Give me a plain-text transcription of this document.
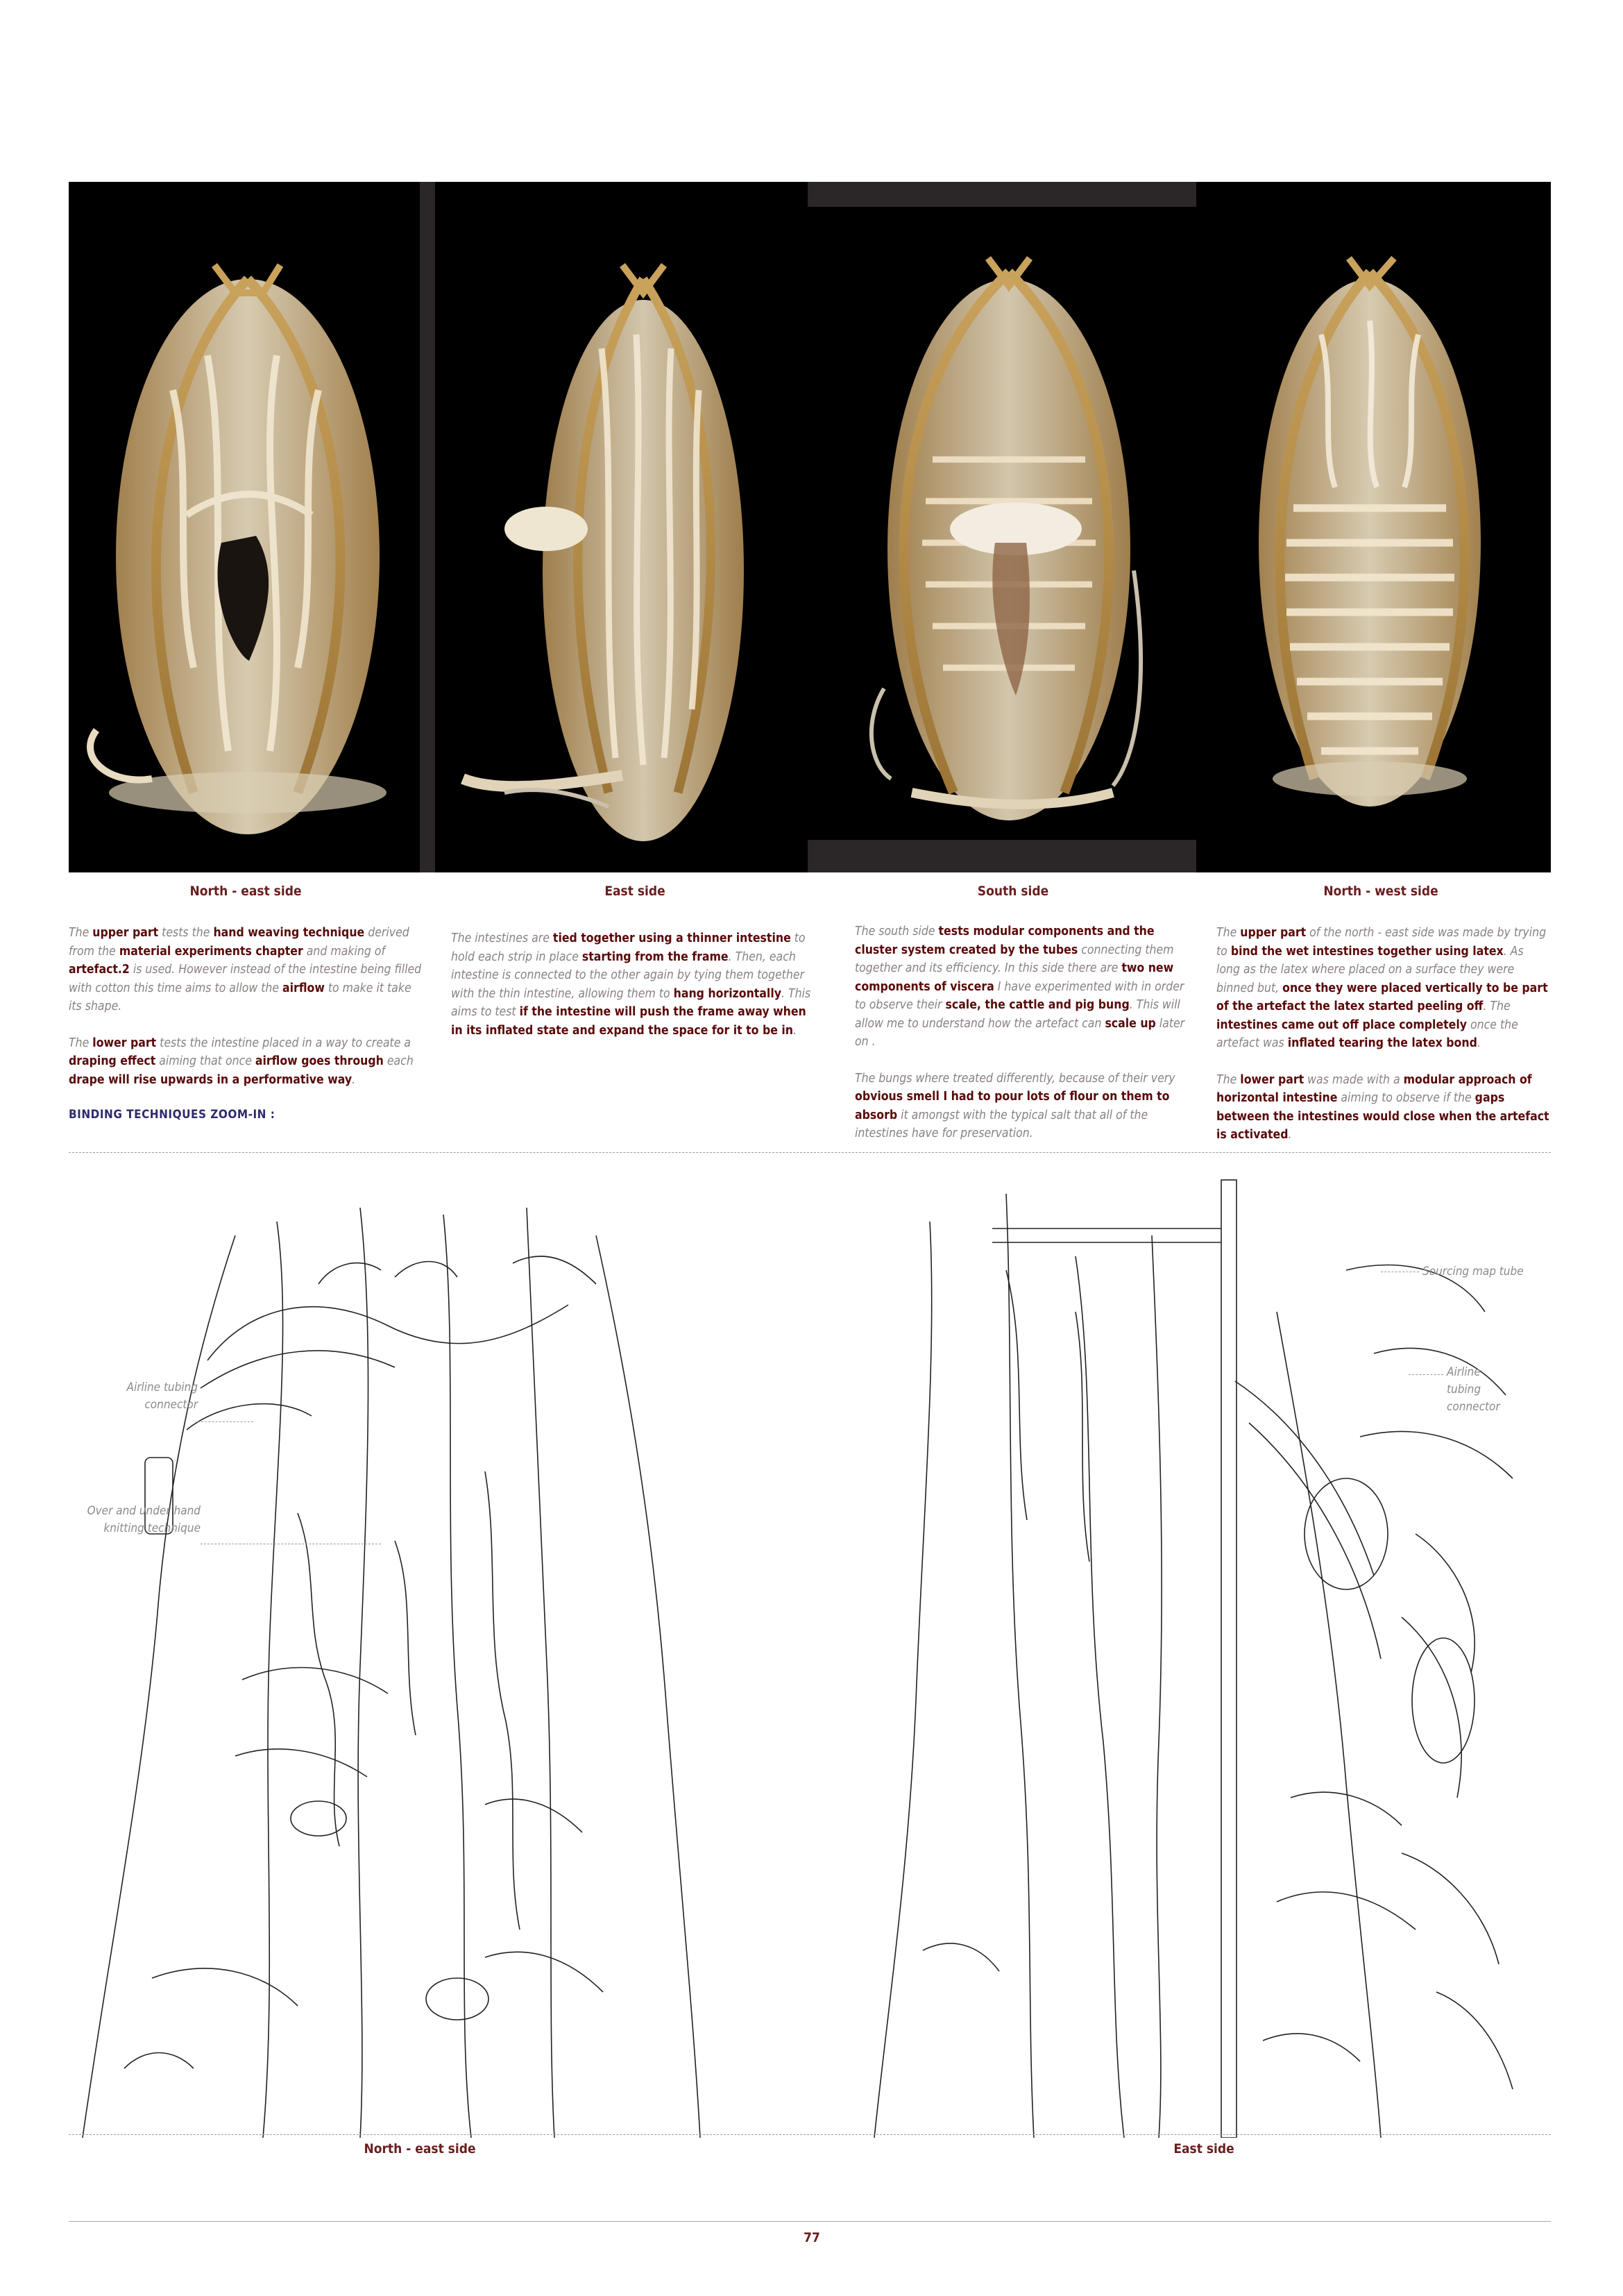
North - east side	East side	South side	North - west side

The upper part tests the hand weaving technique derived from the material experiments chapter and making of artefact.2 is used. However instead of the intestine being filled with cotton this time aims to allow the airflow to make it take its shape.

The lower part tests the intestine placed in a way to create a draping effect aiming that once airflow goes through each drape will rise upwards in a performative way.

BINDING TECHNIQUES ZOOM-IN :

The intestines are tied together using a thinner intestine to hold each strip in place starting from the frame. Then, each intestine is connected to the other again by tying them together with the thin intestine, allowing them to hang horizontally. This aims to test if the intestine will push the frame away when in its inflated state and expand the space for it to be in.

The south side tests modular components and the cluster system created by the tubes connecting them together and its efficiency. In this side there are two new components of viscera I have experimented with in order to observe their scale, the cattle and pig bung. This will allow me to understand how the artefact can scale up later on .

The bungs where treated differently, because of their very obvious smell I had to pour lots of flour on them to absorb it amongst with the typical salt that all of the intestines have for preservation.

The upper part of the north - east side was made by trying to bind the wet intestines together using latex. As long as the latex where placed on a surface they were binned but, once they were placed vertically to be part of the artefact the latex started peeling off. The intestines came out off place completely once the artefact was inflated tearing the latex bond.

The lower part was made with a modular approach of horizontal intestine aiming to observe if the gaps between the intestines would close when the artefact is activated.

Airline tubing
connector
Over and under hand
knitting technique
Sourcing map tube
Airline
tubing
connector
North - east side	East side
77
